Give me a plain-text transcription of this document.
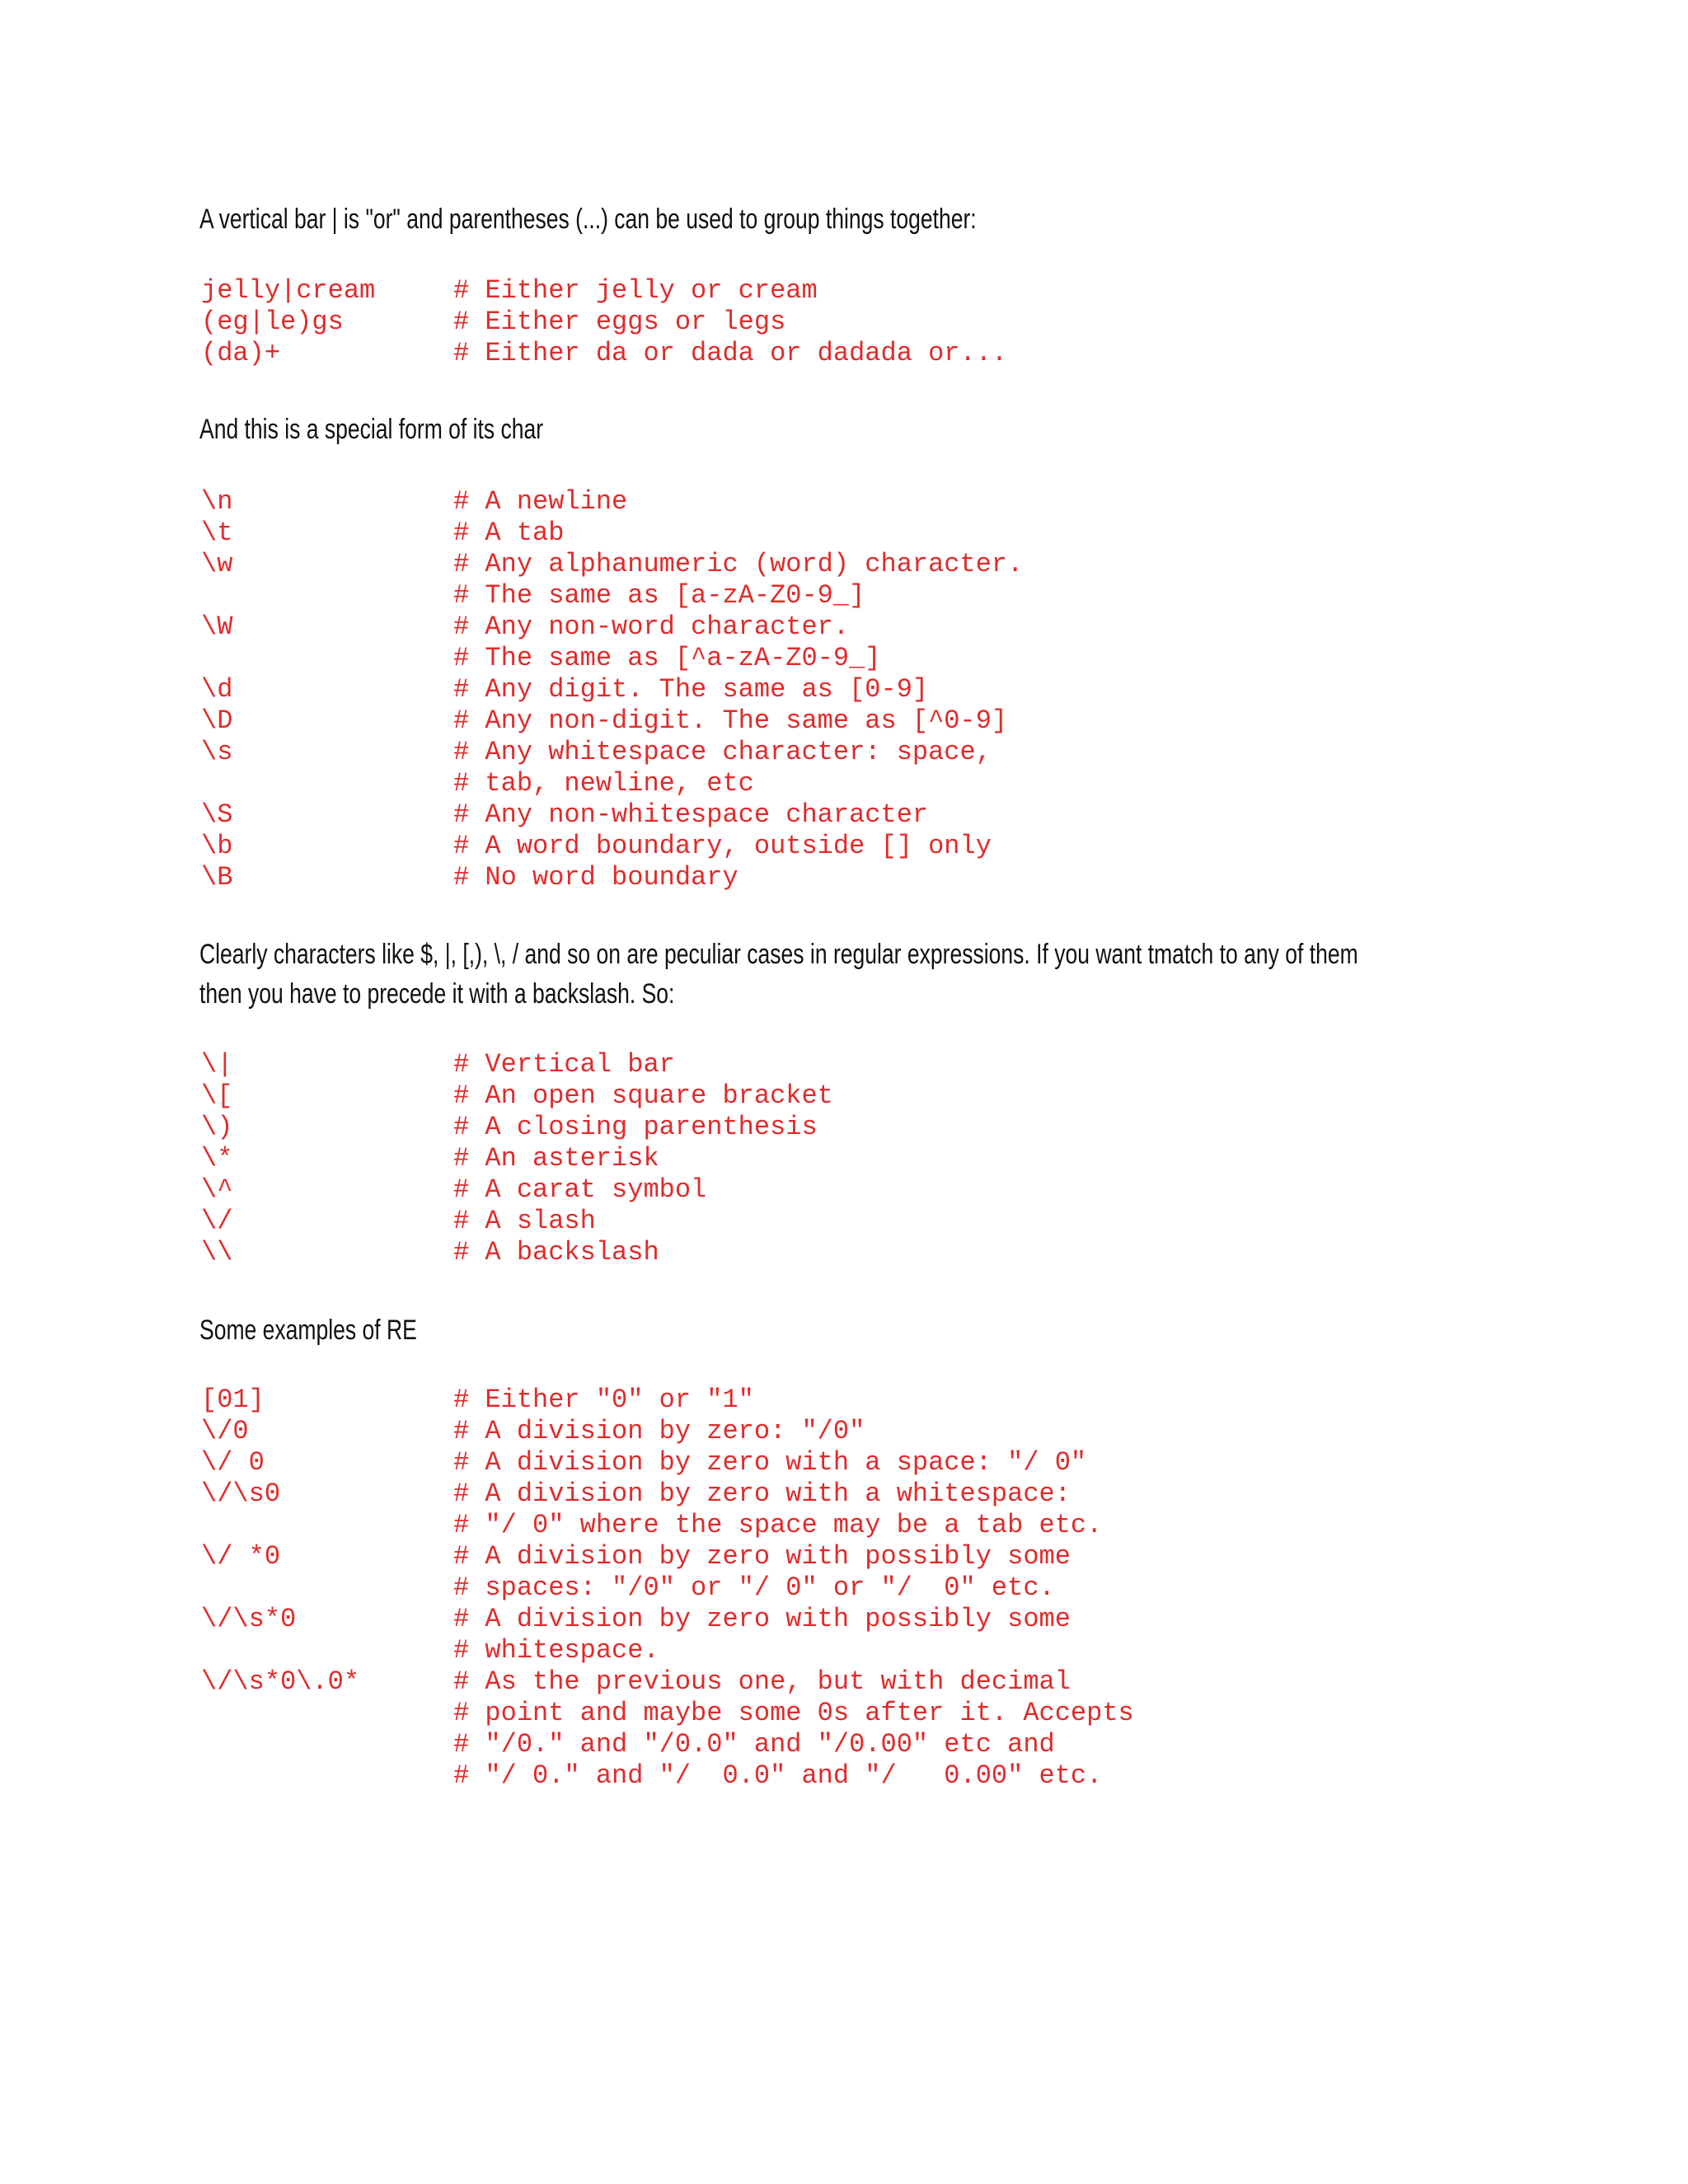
A vertical bar | is "or" and parentheses (...) can be used to group things together:

jelly|cream	# Either jelly or cream
(eg|le)gs	# Either eggs or legs
(da)+	# Either da or dada or dadada or...

And this is a special form of its char

\n	# A newline
\t	# A tab
\w	# Any alphanumeric (word) character.
# The same as [a-zA-Z0-9_]
\W	# Any non-word character.
# The same as [^a-zA-Z0-9_]
\d	# Any digit. The same as [0-9]
\D	# Any non-digit. The same as [^0-9]
\s	# Any whitespace character: space,
# tab, newline, etc
\S	# Any non-whitespace character
\b	# A word boundary, outside [] only
\B	# No word boundary

Clearly characters like $, |, [,), \, / and so on are peculiar cases in regular expressions. If you want tmatch to any of them

then you have to precede it with a backslash. So:

\|	# Vertical bar
\[	# An open square bracket
\)	# A closing parenthesis
\*	# An asterisk
\^	# A carat symbol
\/	# A slash
\\	# A backslash

Some examples of RE

[01]	# Either "0" or "1"
\/0	# A division by zero: "/0"
\/ 0	# A division by zero with a space: "/ 0"
\/\s0	# A division by zero with a whitespace:
# "/ 0" where the space may be a tab etc.
\/ *0	# A division by zero with possibly some
# spaces: "/0" or "/ 0" or "/  0" etc.
\/\s*0	# A division by zero with possibly some
# whitespace.
\/\s*0\.0*	# As the previous one, but with decimal
# point and maybe some 0s after it. Accepts
# "/0." and "/0.0" and "/0.00" etc and
# "/ 0." and "/  0.0" and "/   0.00" etc.
